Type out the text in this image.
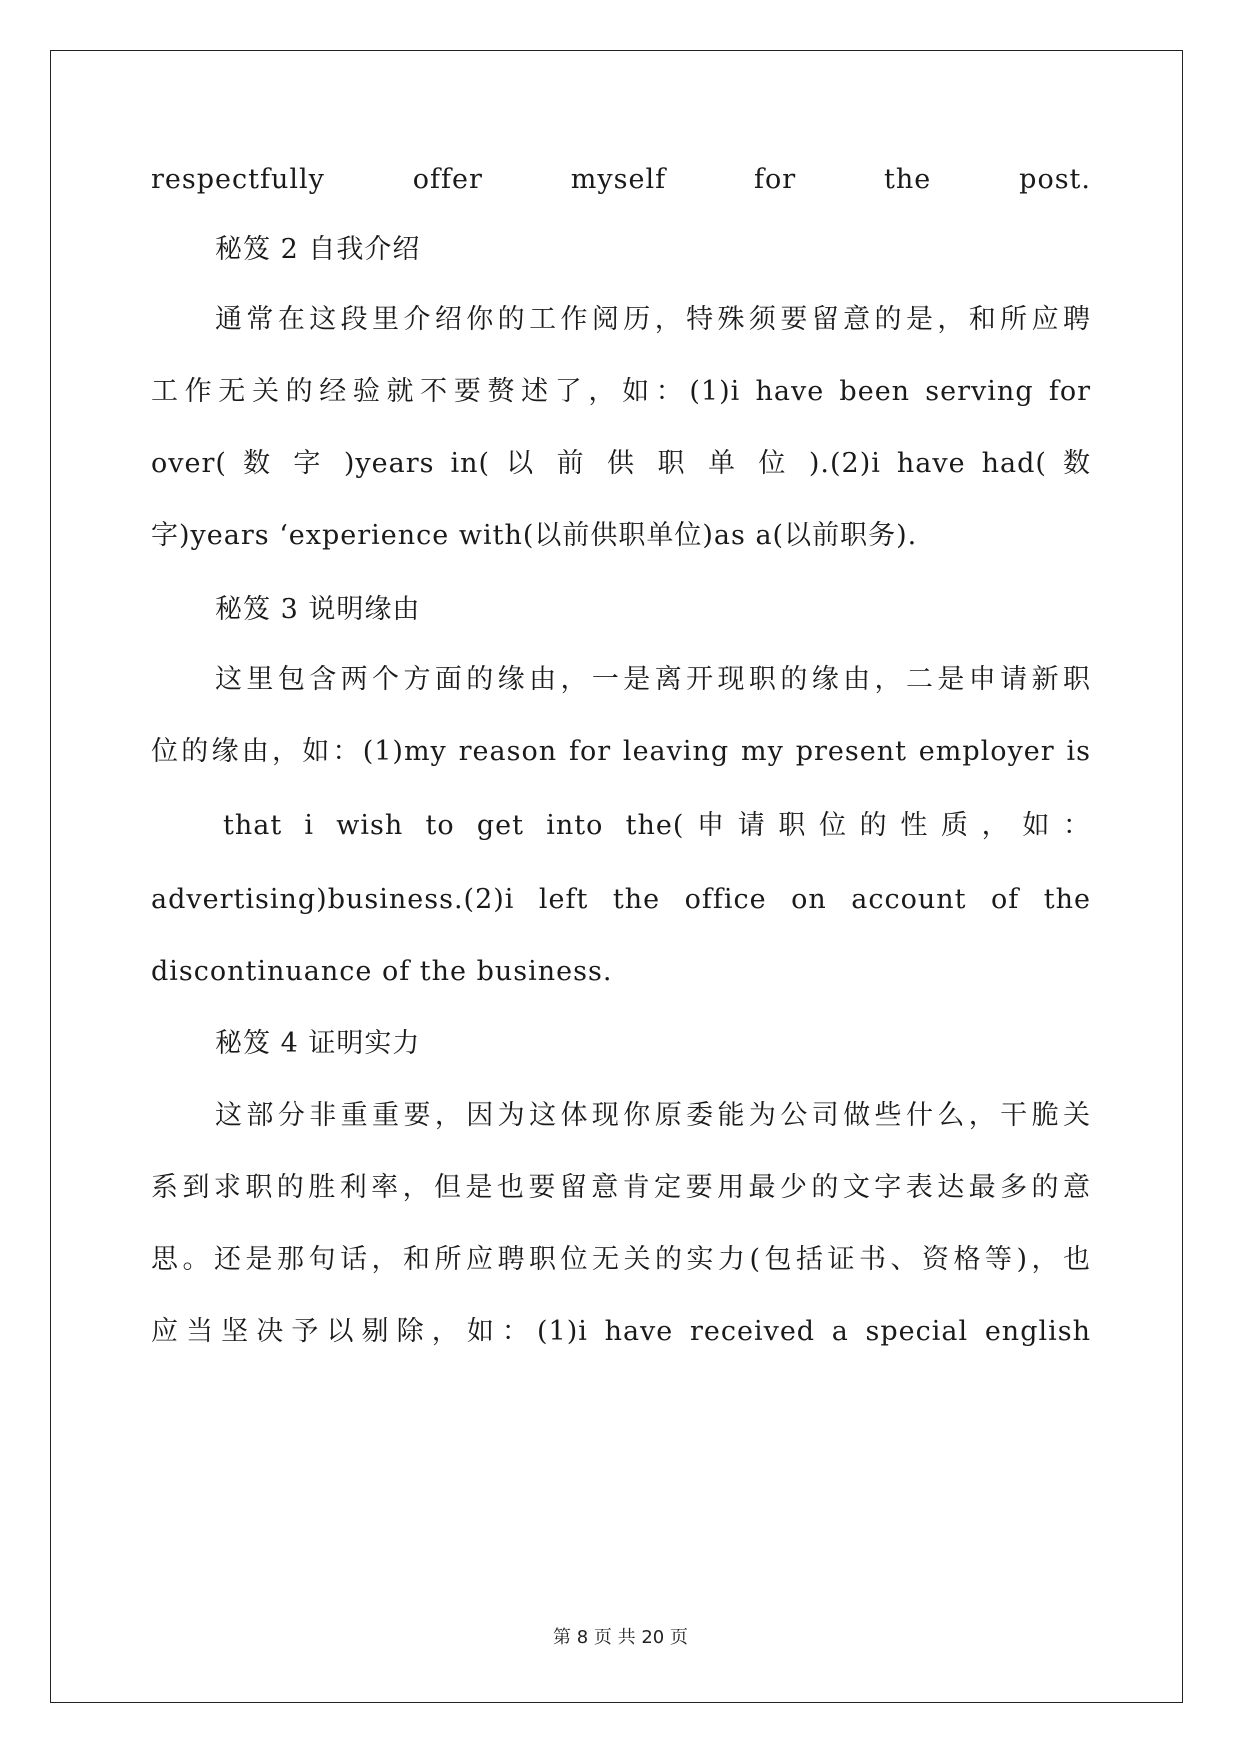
respectfully offer myself for the post.
秘笈 2 自我介绍
通常在这段里介绍你的工作阅历，特殊须要留意的是，和所应聘
工作无关的经验就不要赘述了，如：(1)i have been serving for
over( 数 字 )years in( 以 前 供 职 单 位 ).(2)i have had( 数
字)years ‘experience with(以前供职单位)as a(以前职务).
秘笈 3 说明缘由
这里包含两个方面的缘由，一是离开现职的缘由，二是申请新职
位的缘由，如：(1)my reason for leaving my present employer is
that i wish to get into the(申请职位的性质，如：
advertising)business.(2)i left the office on account of the
discontinuance of the business.
秘笈 4 证明实力
这部分非重重要，因为这体现你原委能为公司做些什么，干脆关
系到求职的胜利率，但是也要留意肯定要用最少的文字表达最多的意
思。还是那句话，和所应聘职位无关的实力(包括证书、资格等)，也
应当坚决予以剔除，如：(1)i have received a special english
第 8 页 共 20 页
